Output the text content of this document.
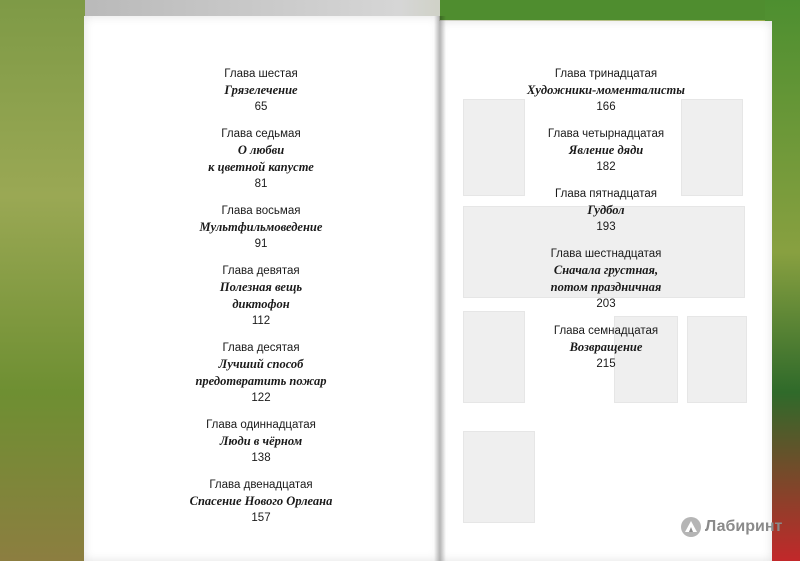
Глава шестая
Грязелечение
65
Глава седьмая
О любви
к цветной капусте
81
Глава восьмая
Мультфильмоведение
91
Глава девятая
Полезная вещь
диктофон
112
Глава десятая
Лучший способ
предотвратить пожар
122
Глава одиннадцатая
Люди в чёрном
138
Глава двенадцатая
Спасение Нового Орлеана
157
Глава тринадцатая
Художники-моменталисты
166
Глава четырнадцатая
Явление дяди
182
Глава пятнадцатая
Гудбол
193
Глава шестнадцатая
Сначала грустная,
потом праздничная
203
Глава семнадцатая
Возвращение
215
Лабиринт
